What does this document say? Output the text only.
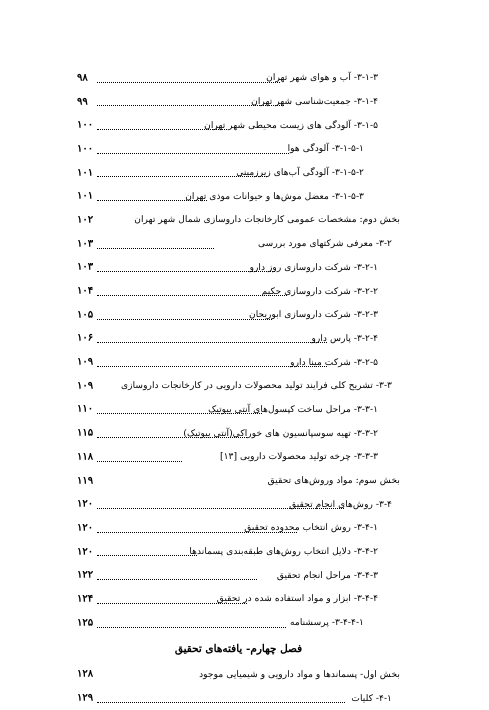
۳-۱-۳- آب و هوای شهر تهران
۹۸
۳-۱-۴- جمعیت‌شناسی شهر تهران
۹۹
۳-۱-۵- آلودگی های زیست محیطی شهر تهران
۱۰۰
۳-۱-۵-۱- آلودگی هوا
۱۰۰
۳-۱-۵-۲- آلودگی آب‌های زیرزمینی
۱۰۱
۳-۱-۵-۳- معضل موش‌ها و حیوانات موذی تهران
۱۰۱
بخش دوم: مشخصات عمومی کارخانجات داروسازی شمال شهر تهران
۱۰۲
۳-۲- معرفی شرکتهای مورد بررسی
۱۰۳
۳-۲-۱- شرکت داروسازی روز دارو
۱۰۳
۳-۲-۲- شرکت داروسازی حکیم
۱۰۴
۳-۲-۳- شرکت داروسازی ابوریحان
۱۰۵
۳-۲-۴- پارس دارو
۱۰۶
۳-۲-۵- شرکت مینا دارو
۱۰۹
۳-۳- تشریح کلی فرایند تولید محصولات دارویی در کارخانجات داروسازی
۱۰۹
۳-۳-۱- مراحل ساخت کپسول‌های آنتی بیوتیک
۱۱۰
۳-۳-۲- تهیه سوسپانسیون های خوراکی(آنتی بیوتیک)
۱۱۵
۳-۳-۳- چرخه تولید محصولات دارویی [۱۳]
۱۱۸
بخش سوم: مواد وروش‌های تحقیق
۱۱۹
۳-۴- روش‌های انجام تحقیق
۱۲۰
۳-۴-۱- روش انتخاب محدوده تحقیق
۱۲۰
۳-۴-۲- دلایل انتخاب روش‌های طبقه‌بندی پسماندها
۱۲۰
۳-۴-۳- مراحل انجام تحقیق
۱۲۲
۳-۴-۴- ابزار و مواد استفاده شده در تحقیق
۱۲۴
۳-۴-۴-۱- پرسشنامه
۱۲۵
فصل چهارم- یافته‌های تحقیق
بخش اول- پسماندها و مواد دارویی و شیمیایی موجود
۱۲۸
۴-۱- کلیات
۱۲۹
